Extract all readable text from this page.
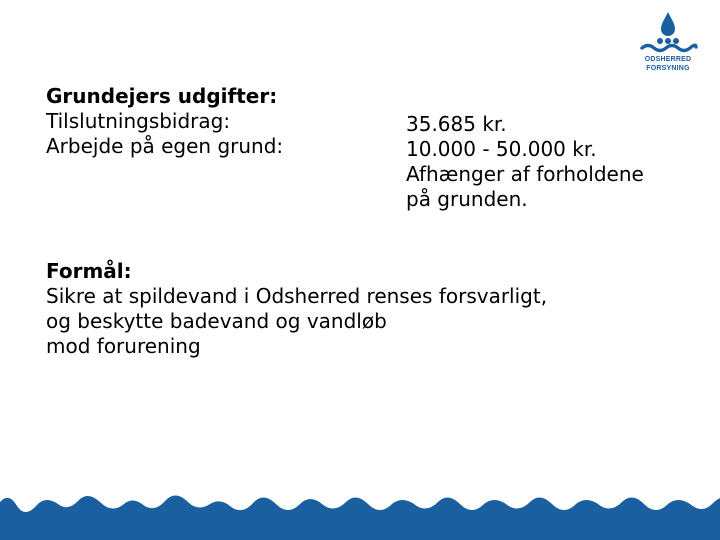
ODSHERRED
FORSYNING
Grundejers udgifter:
Tilslutningsbidrag:
Arbejde på egen grund:
35.685 kr.
10.000 - 50.000 kr.
Afhænger af forholdene
på grunden.
Formål:
Sikre at spildevand i Odsherred renses forsvarligt,
og beskytte badevand og vandløb
mod forurening
